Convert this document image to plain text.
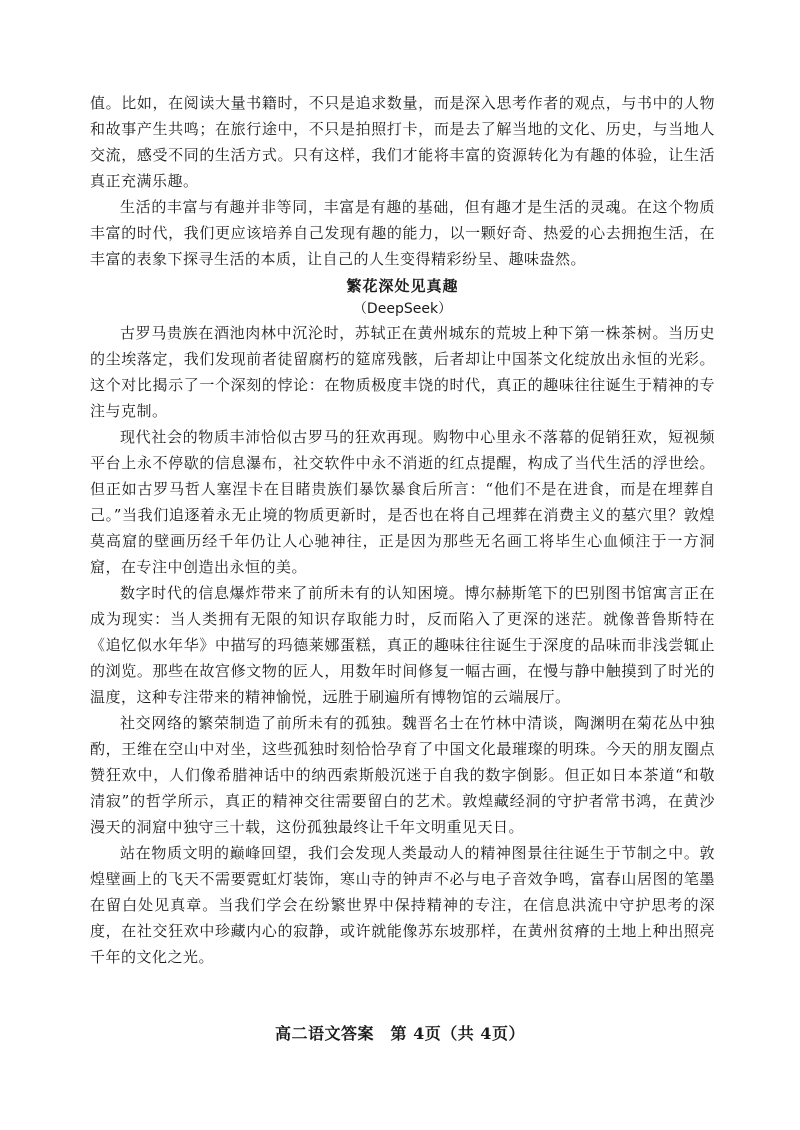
值。比如，在阅读大量书籍时，不只是追求数量，而是深入思考作者的观点，与书中的人物和故事产生共鸣；在旅行途中，不只是拍照打卡，而是去了解当地的文化、历史，与当地人交流，感受不同的生活方式。只有这样，我们才能将丰富的资源转化为有趣的体验，让生活真正充满乐趣。

生活的丰富与有趣并非等同，丰富是有趣的基础，但有趣才是生活的灵魂。在这个物质丰富的时代，我们更应该培养自己发现有趣的能力，以一颗好奇、热爱的心去拥抱生活，在丰富的表象下探寻生活的本质，让自己的人生变得精彩纷呈、趣味盎然。

繁花深处见真趣
（DeepSeek）

古罗马贵族在酒池肉林中沉沦时，苏轼正在黄州城东的荒坡上种下第一株茶树。当历史的尘埃落定，我们发现前者徒留腐朽的筵席残骸，后者却让中国茶文化绽放出永恒的光彩。这个对比揭示了一个深刻的悖论：在物质极度丰饶的时代，真正的趣味往往诞生于精神的专注与克制。

现代社会的物质丰沛恰似古罗马的狂欢再现。购物中心里永不落幕的促销狂欢，短视频平台上永不停歇的信息瀑布，社交软件中永不消逝的红点提醒，构成了当代生活的浮世绘。但正如古罗马哲人塞涅卡在目睹贵族们暴饮暴食后所言：“他们不是在进食，而是在埋葬自己。”当我们追逐着永无止境的物质更新时，是否也在将自己埋葬在消费主义的墓穴里？敦煌莫高窟的壁画历经千年仍让人心驰神往，正是因为那些无名画工将毕生心血倾注于一方洞窟，在专注中创造出永恒的美。

数字时代的信息爆炸带来了前所未有的认知困境。博尔赫斯笔下的巴别图书馆寓言正在成为现实：当人类拥有无限的知识存取能力时，反而陷入了更深的迷茫。就像普鲁斯特在《追忆似水年华》中描写的玛德莱娜蛋糕，真正的趣味往往诞生于深度的品味而非浅尝辄止的浏览。那些在故宫修文物的匠人，用数年时间修复一幅古画，在慢与静中触摸到了时光的温度，这种专注带来的精神愉悦，远胜于刷遍所有博物馆的云端展厅。

社交网络的繁荣制造了前所未有的孤独。魏晋名士在竹林中清谈，陶渊明在菊花丛中独酌，王维在空山中对坐，这些孤独时刻恰恰孕育了中国文化最璀璨的明珠。今天的朋友圈点赞狂欢中，人们像希腊神话中的纳西索斯般沉迷于自我的数字倒影。但正如日本茶道“和敬清寂”的哲学所示，真正的精神交往需要留白的艺术。敦煌藏经洞的守护者常书鸿，在黄沙漫天的洞窟中独守三十载，这份孤独最终让千年文明重见天日。

站在物质文明的巅峰回望，我们会发现人类最动人的精神图景往往诞生于节制之中。敦煌壁画上的飞天不需要霓虹灯装饰，寒山寺的钟声不必与电子音效争鸣，富春山居图的笔墨在留白处见真章。当我们学会在纷繁世界中保持精神的专注，在信息洪流中守护思考的深度，在社交狂欢中珍藏内心的寂静，或许就能像苏东坡那样，在黄州贫瘠的土地上种出照亮千年的文化之光。

高二语文答案　第 4页（共 4页）
